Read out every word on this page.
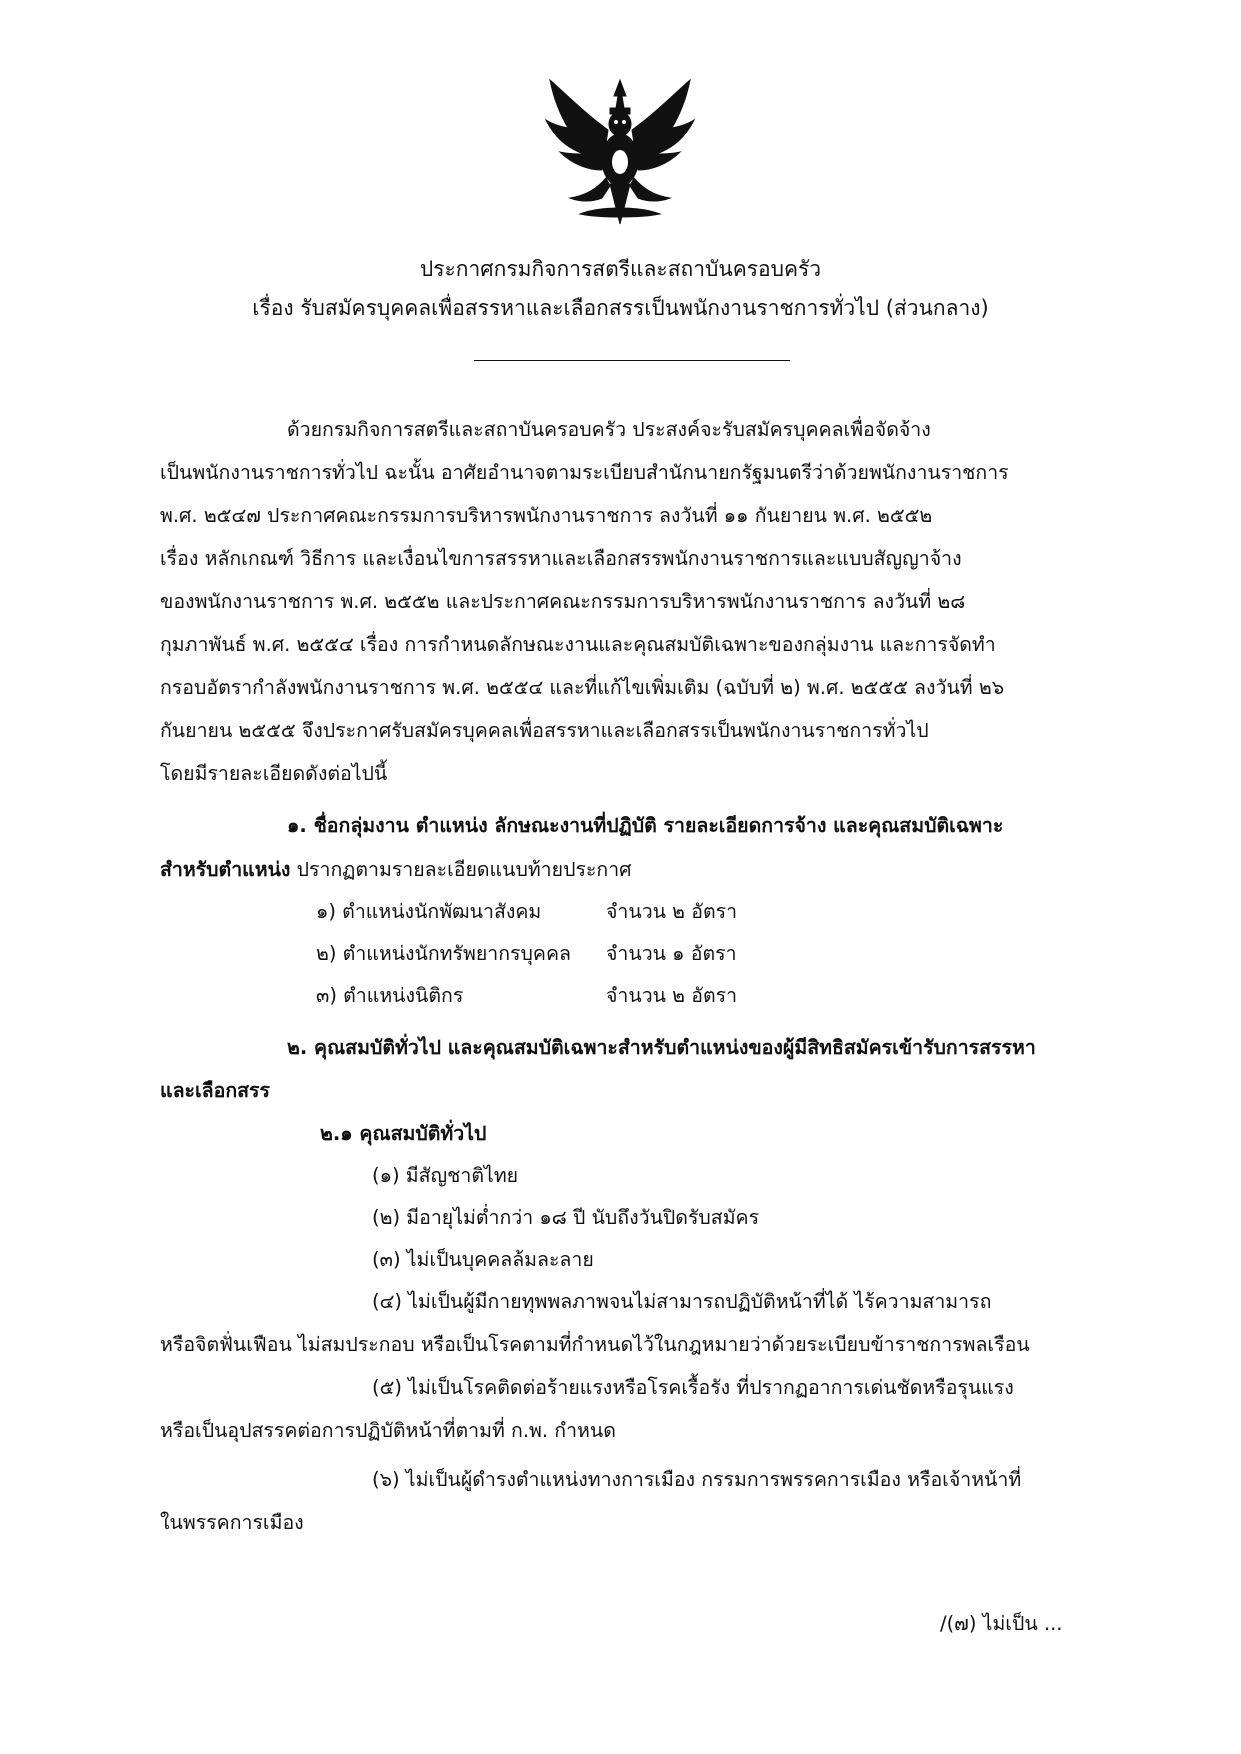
ประกาศกรมกิจการสตรีและสถาบันครอบครัว
เรื่อง รับสมัครบุคคลเพื่อสรรหาและเลือกสรรเป็นพนักงานราชการทั่วไป (ส่วนกลาง)
ด้วยกรมกิจการสตรีและสถาบันครอบครัว ประสงค์จะรับสมัครบุคคลเพื่อจัดจ้าง
เป็นพนักงานราชการทั่วไป ฉะนั้น อาศัยอำนาจตามระเบียบสำนักนายกรัฐมนตรีว่าด้วยพนักงานราชการ
พ.ศ. ๒๕๔๗ ประกาศคณะกรรมการบริหารพนักงานราชการ ลงวันที่ ๑๑ กันยายน พ.ศ. ๒๕๕๒
เรื่อง หลักเกณฑ์ วิธีการ และเงื่อนไขการสรรหาและเลือกสรรพนักงานราชการและแบบสัญญาจ้าง
ของพนักงานราชการ พ.ศ. ๒๕๕๒ และประกาศคณะกรรมการบริหารพนักงานราชการ ลงวันที่ ๒๘
กุมภาพันธ์ พ.ศ. ๒๕๕๔ เรื่อง การกำหนดลักษณะงานและคุณสมบัติเฉพาะของกลุ่มงาน และการจัดทำ
กรอบอัตรากำลังพนักงานราชการ พ.ศ. ๒๕๕๔ และที่แก้ไขเพิ่มเติม (ฉบับที่ ๒) พ.ศ. ๒๕๕๕ ลงวันที่ ๒๖
กันยายน ๒๕๕๕ จึงประกาศรับสมัครบุคคลเพื่อสรรหาและเลือกสรรเป็นพนักงานราชการทั่วไป
โดยมีรายละเอียดดังต่อไปนี้
๑. ชื่อกลุ่มงาน ตำแหน่ง ลักษณะงานที่ปฏิบัติ รายละเอียดการจ้าง และคุณสมบัติเฉพาะ
สำหรับตำแหน่ง ปรากฏตามรายละเอียดแนบท้ายประกาศ
๑) ตำแหน่งนักพัฒนาสังคม	จำนวน ๒ อัตรา
๒) ตำแหน่งนักทรัพยากรบุคคล จำนวน ๑ อัตรา
๓) ตำแหน่งนิติกร	จำนวน ๒ อัตรา
๒. คุณสมบัติทั่วไป และคุณสมบัติเฉพาะสำหรับตำแหน่งของผู้มีสิทธิสมัครเข้ารับการสรรหา
และเลือกสรร
๒.๑ คุณสมบัติทั่วไป
(๑) มีสัญชาติไทย
(๒) มีอายุไม่ต่ำกว่า ๑๘ ปี นับถึงวันปิดรับสมัคร
(๓) ไม่เป็นบุคคลล้มละลาย
(๔) ไม่เป็นผู้มีกายทุพพลภาพจนไม่สามารถปฏิบัติหน้าที่ได้ ไร้ความสามารถ
หรือจิตฟั่นเฟือน ไม่สมประกอบ หรือเป็นโรคตามที่กำหนดไว้ในกฎหมายว่าด้วยระเบียบข้าราชการพลเรือน
(๕) ไม่เป็นโรคติดต่อร้ายแรงหรือโรคเรื้อรัง ที่ปรากฏอาการเด่นชัดหรือรุนแรง
หรือเป็นอุปสรรคต่อการปฏิบัติหน้าที่ตามที่ ก.พ. กำหนด
(๖) ไม่เป็นผู้ดำรงตำแหน่งทางการเมือง กรรมการพรรคการเมือง หรือเจ้าหน้าที่
ในพรรคการเมือง
/(๗) ไม่เป็น ...
